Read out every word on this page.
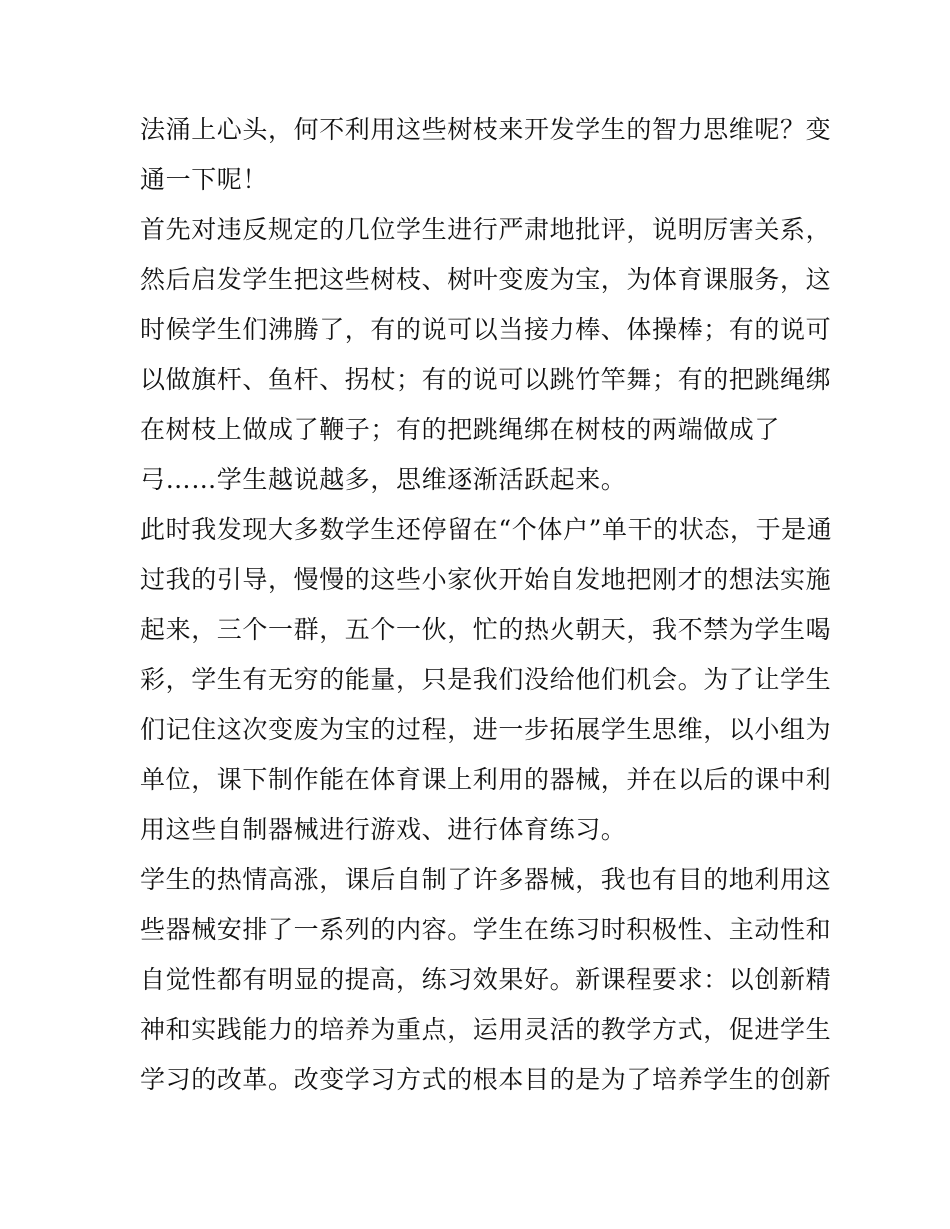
法涌上心头，何不利用这些树枝来开发学生的智力思维呢？变
通一下呢！

首先对违反规定的几位学生进行严肃地批评，说明厉害关系，
然后启发学生把这些树枝、树叶变废为宝，为体育课服务，这
时候学生们沸腾了，有的说可以当接力棒、体操棒；有的说可
以做旗杆、鱼杆、拐杖；有的说可以跳竹竿舞；有的把跳绳绑
在树枝上做成了鞭子；有的把跳绳绑在树枝的两端做成了
弓……学生越说越多，思维逐渐活跃起来。

此时我发现大多数学生还停留在“个体户”单干的状态，于是通
过我的引导，慢慢的这些小家伙开始自发地把刚才的想法实施
起来，三个一群，五个一伙，忙的热火朝天，我不禁为学生喝
彩，学生有无穷的能量，只是我们没给他们机会。为了让学生
们记住这次变废为宝的过程，进一步拓展学生思维，以小组为
单位，课下制作能在体育课上利用的器械，并在以后的课中利
用这些自制器械进行游戏、进行体育练习。

学生的热情高涨，课后自制了许多器械，我也有目的地利用这
些器械安排了一系列的内容。学生在练习时积极性、主动性和
自觉性都有明显的提高，练习效果好。新课程要求：以创新精
神和实践能力的培养为重点，运用灵活的教学方式，促进学生
学习的改革。改变学习方式的根本目的是为了培养学生的创新
